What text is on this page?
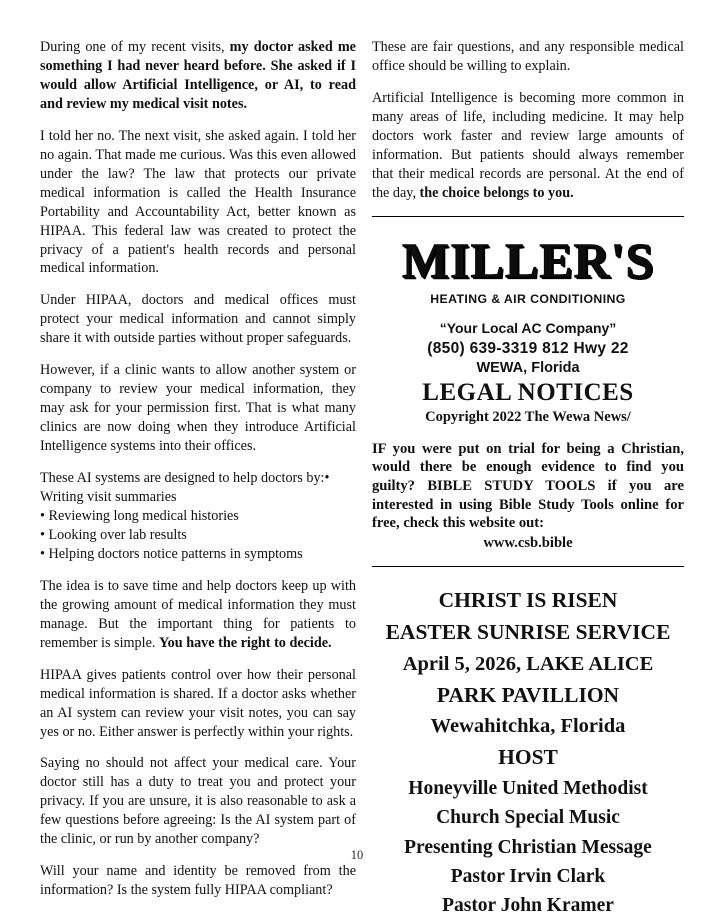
During one of my recent visits, my doctor asked me something I had never heard before. She asked if I would allow Artificial Intelligence, or AI, to read and review my medical visit notes.

I told her no. The next visit, she asked again. I told her no again. That made me curious. Was this even allowed under the law? The law that protects our private medical information is called the Health Insurance Portability and Accountability Act, better known as HIPAA. This federal law was created to protect the privacy of a patient's health records and personal medical information.

Under HIPAA, doctors and medical offices must protect your medical information and cannot simply share it with outside parties without proper safeguards.

However, if a clinic wants to allow another system or company to review your medical information, they may ask for your permission first. That is what many clinics are now doing when they introduce Artificial Intelligence systems into their offices.

These AI systems are designed to help doctors by:•
Writing visit summaries
• Reviewing long medical histories
• Looking over lab results
• Helping doctors notice patterns in symptoms

The idea is to save time and help doctors keep up with the growing amount of medical information they must manage. But the important thing for patients to remember is simple. You have the right to decide.

HIPAA gives patients control over how their personal medical information is shared. If a doctor asks whether an AI system can review your visit notes, you can say yes or no. Either answer is perfectly within your rights.

Saying no should not affect your medical care. Your doctor still has a duty to treat you and protect your privacy. If you are unsure, it is also reasonable to ask a few questions before agreeing: Is the AI system part of the clinic, or run by another company?

Will your name and identity be removed from the information? Is the system fully HIPAA compliant?

These are fair questions, and any responsible medical office should be willing to explain.

Artificial Intelligence is becoming more common in many areas of life, including medicine. It may help doctors work faster and review large amounts of information. But patients should always remember that their medical records are personal. At the end of the day, the choice belongs to you.

MILLER'S
HEATING & AIR CONDITIONING
“Your Local AC Company”
(850) 639-3319 812 Hwy 22
WEWA, Florida
LEGAL NOTICES
Copyright 2022 The Wewa News/

IF you were put on trial for being a Christian, would there be enough evidence to find you guilty? BIBLE STUDY TOOLS if you are interested in using Bible Study Tools online for free, check this website out:

www.csb.bible

CHRIST IS RISEN
EASTER SUNRISE SERVICE
April 5, 2026, LAKE ALICE
PARK PAVILLION
Wewahitchka, Florida
HOST
Honeyville United Methodist
Church Special Music
Presenting Christian Message
Pastor Irvin Clark
Pastor John Kramer
10
